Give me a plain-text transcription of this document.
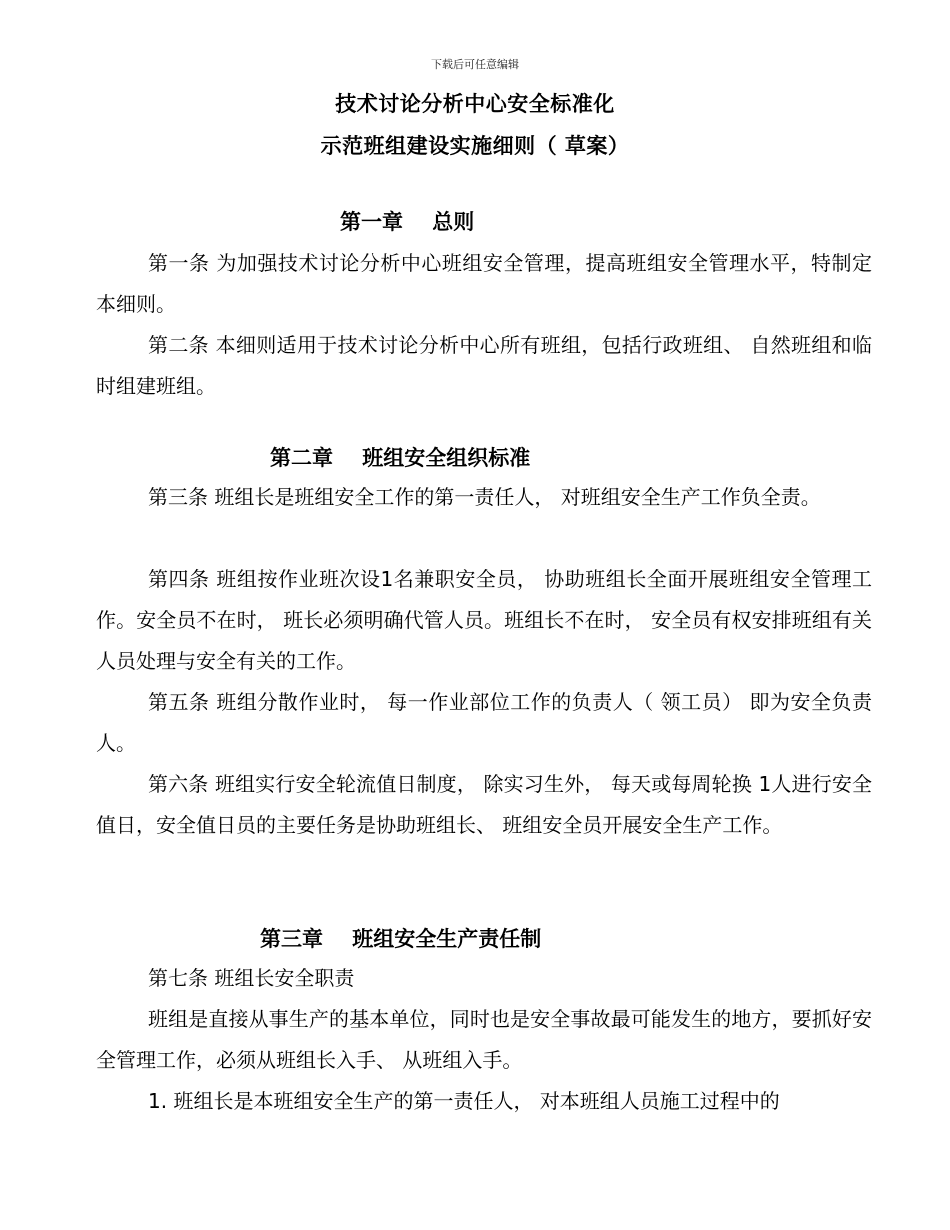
下载后可任意编辑
技术讨论分析中心安全标准化
示范班组建设实施细则（ 草案）
第一章    总则
第一条 为加强技术讨论分析中心班组安全管理，提高班组安全管理水平，特制定本细则。
第二条 本细则适用于技术讨论分析中心所有班组，包括行政班组、 自然班组和临时组建班组。
第二章    班组安全组织标准
第三条 班组长是班组安全工作的第一责任人， 对班组安全生产工作负全责。
第四条 班组按作业班次设1名兼职安全员， 协助班组长全面开展班组安全管理工作。安全员不在时， 班长必须明确代管人员。班组长不在时， 安全员有权安排班组有关人员处理与安全有关的工作。
第五条 班组分散作业时， 每一作业部位工作的负责人（ 领工员） 即为安全负责人。
第六条 班组实行安全轮流值日制度， 除实习生外， 每天或每周轮换 1人进行安全值日，安全值日员的主要任务是协助班组长、 班组安全员开展安全生产工作。
第三章    班组安全生产责任制
第七条 班组长安全职责
班组是直接从事生产的基本单位，同时也是安全事故最可能发生的地方，要抓好安全管理工作，必须从班组长入手、 从班组入手。
1. 班组长是本班组安全生产的第一责任人， 对本班组人员施工过程中的
